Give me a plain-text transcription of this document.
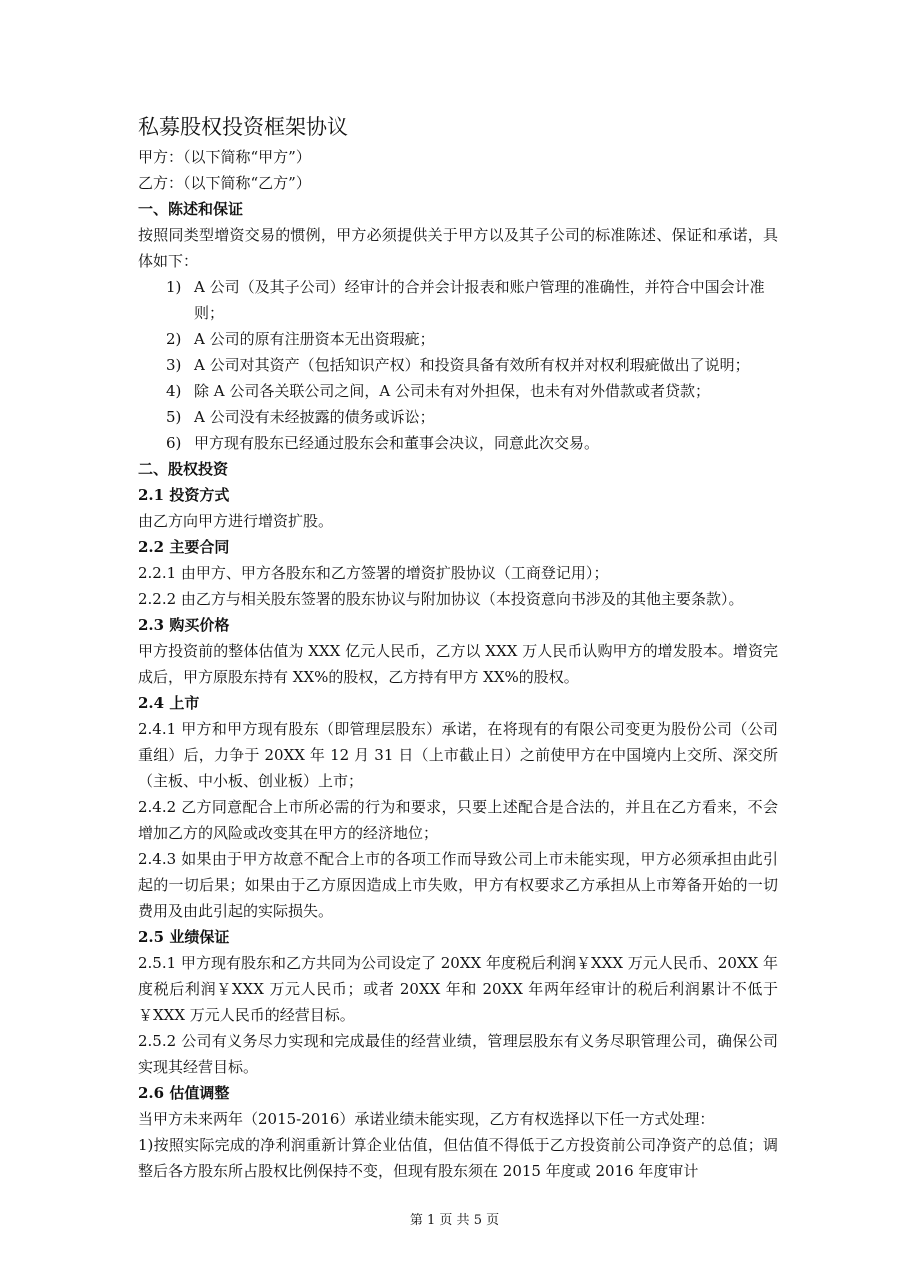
私募股权投资框架协议

甲方：（以下简称“甲方”）

乙方：（以下简称“乙方”）

一、陈述和保证

按照同类型增资交易的惯例，甲方必须提供关于甲方以及其子公司的标准陈述、保证和承诺，具体如下：

1) A 公司（及其子公司）经审计的合并会计报表和账户管理的准确性，并符合中国会计准则；
2) A 公司的原有注册资本无出资瑕疵；
3) A 公司对其资产（包括知识产权）和投资具备有效所有权并对权利瑕疵做出了说明；
4) 除 A 公司各关联公司之间，A 公司未有对外担保，也未有对外借款或者贷款；
5) A 公司没有未经披露的债务或诉讼；
6) 甲方现有股东已经通过股东会和董事会决议，同意此次交易。

二、股权投资

2.1 投资方式

由乙方向甲方进行增资扩股。

2.2 主要合同

2.2.1 由甲方、甲方各股东和乙方签署的增资扩股协议（工商登记用）；

2.2.2 由乙方与相关股东签署的股东协议与附加协议（本投资意向书涉及的其他主要条款）。

2.3 购买价格

甲方投资前的整体估值为 XXX 亿元人民币，乙方以 XXX 万人民币认购甲方的增发股本。增资完成后，甲方原股东持有 XX%的股权，乙方持有甲方 XX%的股权。

2.4 上市

2.4.1 甲方和甲方现有股东（即管理层股东）承诺，在将现有的有限公司变更为股份公司（公司重组）后，力争于 20XX 年 12 月 31 日（上市截止日）之前使甲方在中国境内上交所、深交所（主板、中小板、创业板）上市；

2.4.2 乙方同意配合上市所必需的行为和要求，只要上述配合是合法的，并且在乙方看来，不会增加乙方的风险或改变其在甲方的经济地位；

2.4.3 如果由于甲方故意不配合上市的各项工作而导致公司上市未能实现，甲方必须承担由此引起的一切后果；如果由于乙方原因造成上市失败，甲方有权要求乙方承担从上市筹备开始的一切费用及由此引起的实际损失。

2.5 业绩保证

2.5.1 甲方现有股东和乙方共同为公司设定了 20XX 年度税后利润￥XXX 万元人民币、20XX 年度税后利润￥XXX 万元人民币；或者 20XX 年和 20XX 年两年经审计的税后利润累计不低于￥XXX 万元人民币的经营目标。

2.5.2 公司有义务尽力实现和完成最佳的经营业绩，管理层股东有义务尽职管理公司，确保公司实现其经营目标。

2.6 估值调整

当甲方未来两年（2015-2016）承诺业绩未能实现，乙方有权选择以下任一方式处理：

1)按照实际完成的净利润重新计算企业估值，但估值不得低于乙方投资前公司净资产的总值；调整后各方股东所占股权比例保持不变，但现有股东须在 2015 年度或 2016 年度审计

第 1 页 共 5 页
